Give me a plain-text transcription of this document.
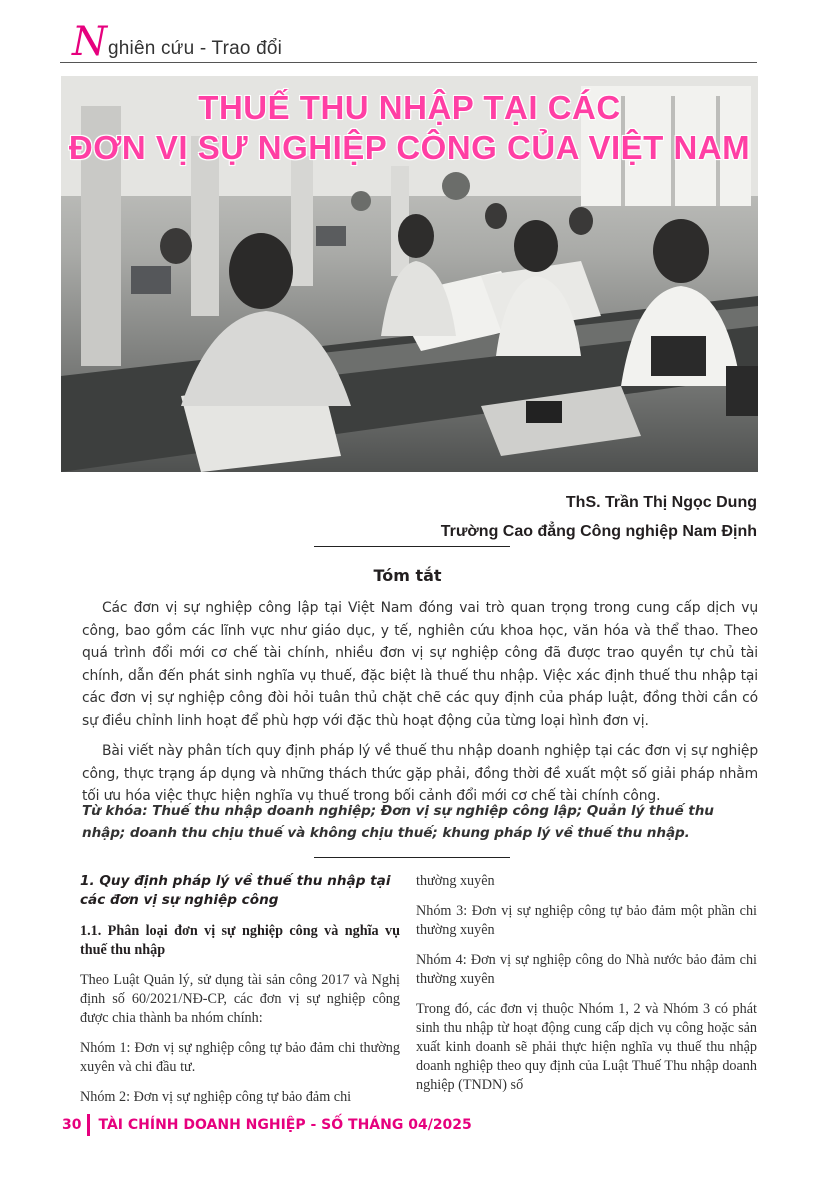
N ghiên cứu - Trao đổi
THUẾ THU NHẬP TẠI CÁC
ĐƠN VỊ SỰ NGHIỆP CÔNG CỦA VIỆT NAM
ThS. Trần Thị Ngọc Dung
Trường Cao đẳng Công nghiệp Nam Định
Tóm tắt

Các đơn vị sự nghiệp công lập tại Việt Nam đóng vai trò quan trọng trong cung cấp dịch vụ công, bao gồm các lĩnh vực như giáo dục, y tế, nghiên cứu khoa học, văn hóa và thể thao. Theo quá trình đổi mới cơ chế tài chính, nhiều đơn vị sự nghiệp công đã được trao quyền tự chủ tài chính, dẫn đến phát sinh nghĩa vụ thuế, đặc biệt là thuế thu nhập. Việc xác định thuế thu nhập tại các đơn vị sự nghiệp công đòi hỏi tuân thủ chặt chẽ các quy định của pháp luật, đồng thời cần có sự điều chỉnh linh hoạt để phù hợp với đặc thù hoạt động của từng loại hình đơn vị.

Bài viết này phân tích quy định pháp lý về thuế thu nhập doanh nghiệp tại các đơn vị sự nghiệp công, thực trạng áp dụng và những thách thức gặp phải, đồng thời đề xuất một số giải pháp nhằm tối ưu hóa việc thực hiện nghĩa vụ thuế trong bối cảnh đổi mới cơ chế tài chính công.

Từ khóa: Thuế thu nhập doanh nghiệp; Đơn vị sự nghiệp công lập; Quản lý thuế thu nhập; doanh thu chịu thuế và không chịu thuế; khung pháp lý về thuế thu nhập.
1. Quy định pháp lý về thuế thu nhập tại các đơn vị sự nghiệp công

1.1. Phân loại đơn vị sự nghiệp công và nghĩa vụ thuế thu nhập

Theo Luật Quản lý, sử dụng tài sản công 2017 và Nghị định số 60/2021/NĐ-CP, các đơn vị sự nghiệp công được chia thành ba nhóm chính:

Nhóm 1: Đơn vị sự nghiệp công tự bảo đảm chi thường xuyên và chi đầu tư.

Nhóm 2: Đơn vị sự nghiệp công tự bảo đảm chi

thường xuyên

Nhóm 3: Đơn vị sự nghiệp công tự bảo đảm một phần chi thường xuyên

Nhóm 4: Đơn vị sự nghiệp công do Nhà nước bảo đảm chi thường xuyên

Trong đó, các đơn vị thuộc Nhóm 1, 2 và Nhóm 3 có phát sinh thu nhập từ hoạt động cung cấp dịch vụ công hoặc sản xuất kinh doanh sẽ phải thực hiện nghĩa vụ thuế thu nhập doanh nghiệp theo quy định của Luật Thuế Thu nhập doanh nghiệp (TNDN) số

30 TÀI CHÍNH DOANH NGHIỆP - SỐ THÁNG 04/2025
